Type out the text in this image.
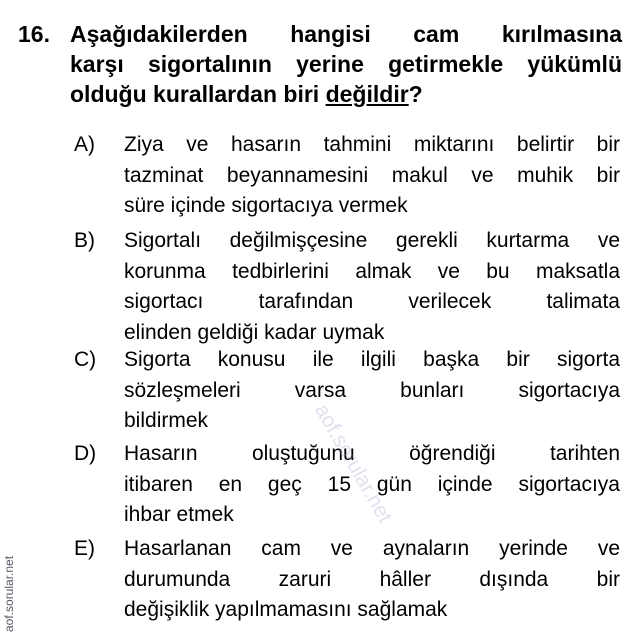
16. Aşağıdakilerden hangisi cam kırılmasına
karşı sigortalının yerine getirmekle yükümlü
olduğu kurallardan biri değildir?
A) Ziya ve hasarın tahmini miktarını belirtir bir
tazminat beyannamesini makul ve muhik bir
süre içinde sigortacıya vermek
B) Sigortalı değilmişçesine gerekli kurtarma ve
korunma tedbirlerini almak ve bu maksatla
sigortacı tarafından verilecek talimata
elinden geldiği kadar uymak
C) Sigorta konusu ile ilgili başka bir sigorta
sözleşmeleri varsa bunları sigortacıya
bildirmek
D) Hasarın oluştuğunu öğrendiği tarihten
itibaren en geç 15 gün içinde sigortacıya
ihbar etmek
E) Hasarlanan cam ve aynaların yerinde ve
durumunda zaruri hâller dışında bir
değişiklik yapılmamasını sağlamak
aof.sorular.net
aof.sorular.net
